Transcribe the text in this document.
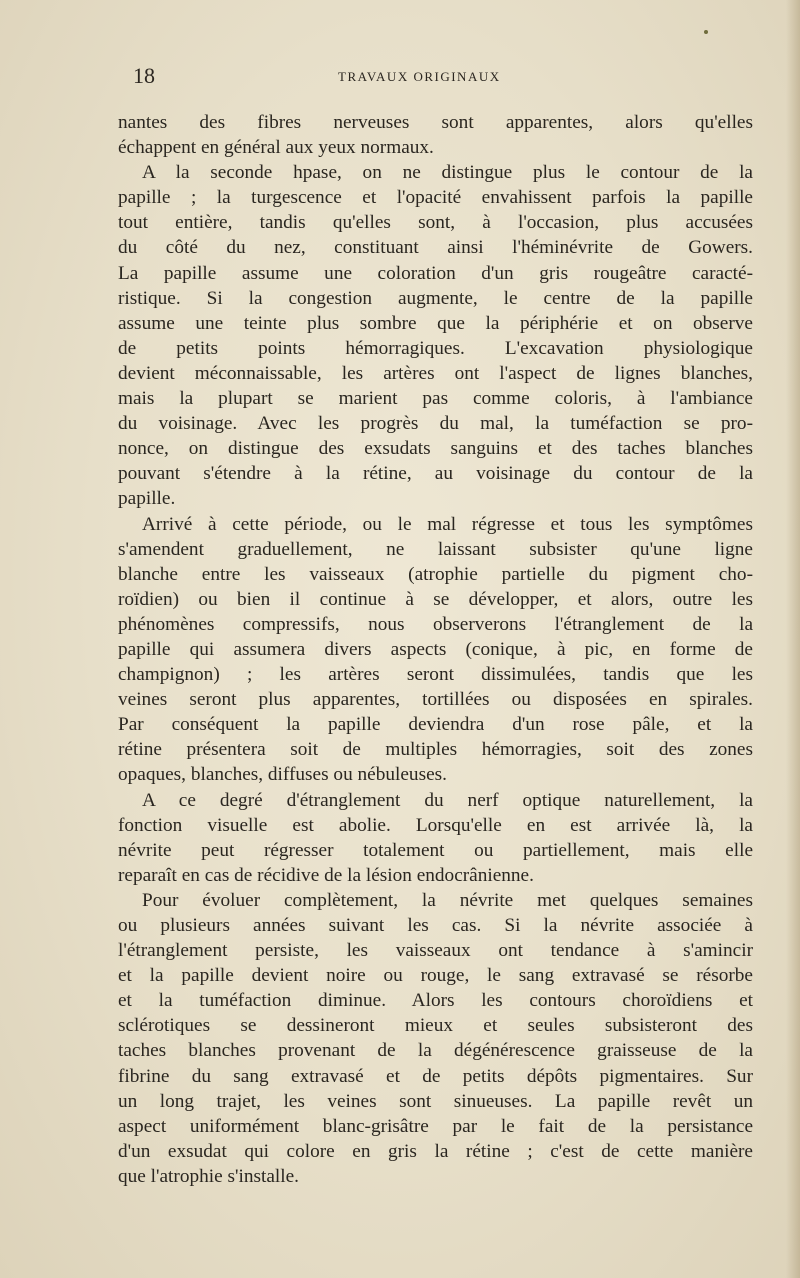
18	TRAVAUX ORIGINAUX
nantes des fibres nerveuses sont apparentes, alors qu'elles
échappent en général aux yeux normaux.
A la seconde hpase, on ne distingue plus le contour de la
papille ; la turgescence et l'opacité envahissent parfois la papille
tout entière, tandis qu'elles sont, à l'occasion, plus accusées
du côté du nez, constituant ainsi l'héminévrite de Gowers.
La papille assume une coloration d'un gris rougeâtre caracté-
ristique. Si la congestion augmente, le centre de la papille
assume une teinte plus sombre que la périphérie et on observe
de petits points hémorragiques. L'excavation physiologique
devient méconnaissable, les artères ont l'aspect de lignes blanches,
mais la plupart se marient pas comme coloris, à l'ambiance
du voisinage. Avec les progrès du mal, la tuméfaction se pro-
nonce, on distingue des exsudats sanguins et des taches blanches
pouvant s'étendre à la rétine, au voisinage du contour de la
papille.
Arrivé à cette période, ou le mal régresse et tous les symptômes
s'amendent graduellement, ne laissant subsister qu'une ligne
blanche entre les vaisseaux (atrophie partielle du pigment cho-
roïdien) ou bien il continue à se développer, et alors, outre les
phénomènes compressifs, nous observerons l'étranglement de la
papille qui assumera divers aspects (conique, à pic, en forme de
champignon) ; les artères seront dissimulées, tandis que les
veines seront plus apparentes, tortillées ou disposées en spirales.
Par conséquent la papille deviendra d'un rose pâle, et la
rétine présentera soit de multiples hémorragies, soit des zones
opaques, blanches, diffuses ou nébuleuses.
A ce degré d'étranglement du nerf optique naturellement, la
fonction visuelle est abolie. Lorsqu'elle en est arrivée là, la
névrite peut régresser totalement ou partiellement, mais elle
reparaît en cas de récidive de la lésion endocrânienne.
Pour évoluer complètement, la névrite met quelques semaines
ou plusieurs années suivant les cas. Si la névrite associée à
l'étranglement persiste, les vaisseaux ont tendance à s'amincir
et la papille devient noire ou rouge, le sang extravasé se résorbe
et la tuméfaction diminue. Alors les contours choroïdiens et
sclérotiques se dessineront mieux et seules subsisteront des
taches blanches provenant de la dégénérescence graisseuse de la
fibrine du sang extravasé et de petits dépôts pigmentaires. Sur
un long trajet, les veines sont sinueuses. La papille revêt un
aspect uniformément blanc-grisâtre par le fait de la persistance
d'un exsudat qui colore en gris la rétine ; c'est de cette manière
que l'atrophie s'installe.
